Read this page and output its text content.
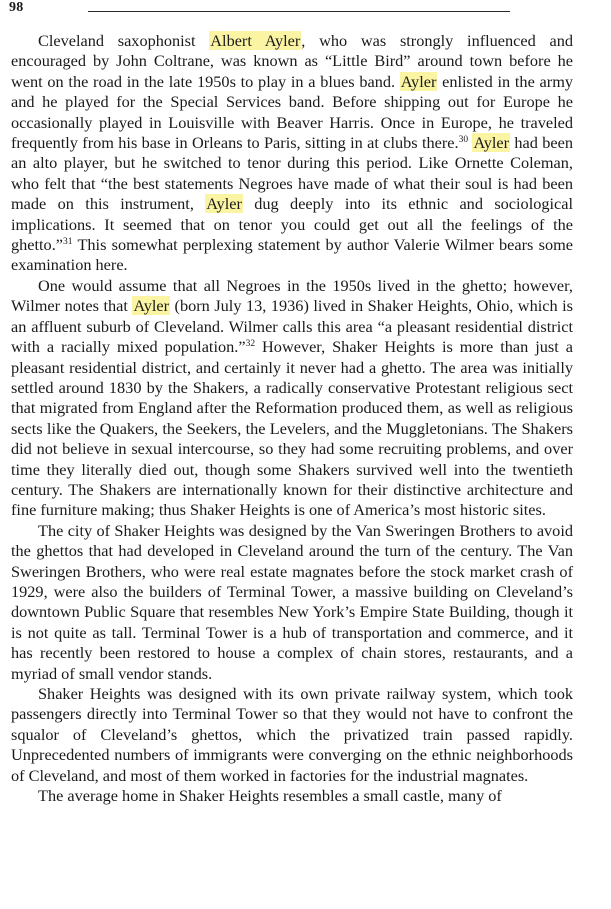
98

Cleveland saxophonist Albert Ayler, who was strongly influenced and encouraged by John Coltrane, was known as “Little Bird” around town before he went on the road in the late 1950s to play in a blues band. Ayler enlisted in the army and he played for the Special Services band. Before shipping out for Europe he occasionally played in Louisville with Beaver Harris. Once in Europe, he traveled frequently from his base in Orleans to Paris, sitting in at clubs there.$^{30}$ Ayler had been an alto player, but he switched to tenor during this period. Like Ornette Coleman, who felt that “the best statements Negroes have made of what their soul is had been made on this instrument, Ayler dug deeply into its ethnic and sociological implications. It seemed that on tenor you could get out all the feelings of the ghetto.”$^{31}$ This somewhat perplexing statement by author Valerie Wilmer bears some examination here.

One would assume that all Negroes in the 1950s lived in the ghetto; however, Wilmer notes that Ayler (born July 13, 1936) lived in Shaker Heights, Ohio, which is an affluent suburb of Cleveland. Wilmer calls this area “a pleasant residential district with a racially mixed population.”$^{32}$ However, Shaker Heights is more than just a pleasant residential district, and certainly it never had a ghetto. The area was initially settled around 1830 by the Shakers, a radically conservative Protestant religious sect that migrated from England after the Reformation produced them, as well as religious sects like the Quakers, the Seekers, the Levelers, and the Muggletonians. The Shakers did not believe in sexual intercourse, so they had some recruiting problems, and over time they literally died out, though some Shakers survived well into the twentieth century. The Shakers are internationally known for their distinctive architecture and fine furniture making; thus Shaker Heights is one of America’s most historic sites.

The city of Shaker Heights was designed by the Van Sweringen Brothers to avoid the ghettos that had developed in Cleveland around the turn of the century. The Van Sweringen Brothers, who were real estate magnates before the stock market crash of 1929, were also the builders of Terminal Tower, a massive building on Cleveland’s downtown Public Square that resembles New York’s Empire State Building, though it is not quite as tall. Terminal Tower is a hub of transportation and commerce, and it has recently been restored to house a complex of chain stores, restaurants, and a myriad of small vendor stands.

Shaker Heights was designed with its own private railway system, which took passengers directly into Terminal Tower so that they would not have to confront the squalor of Cleveland’s ghettos, which the privatized train passed rapidly. Unprecedented numbers of immigrants were converging on the ethnic neighborhoods of Cleveland, and most of them worked in factories for the industrial magnates.

The average home in Shaker Heights resembles a small castle, many of
